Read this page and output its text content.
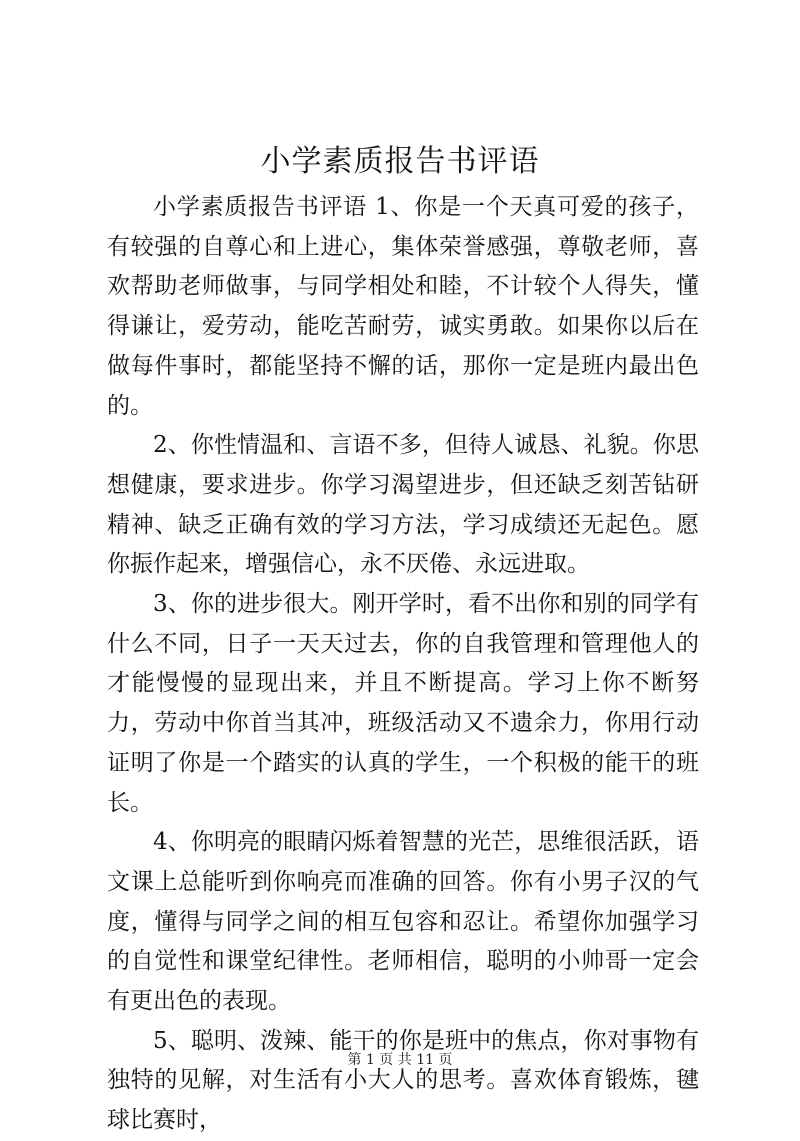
小学素质报告书评语

小学素质报告书评语 1、你是一个天真可爱的孩子，有较强的自尊心和上进心，集体荣誉感强，尊敬老师，喜欢帮助老师做事，与同学相处和睦，不计较个人得失，懂得谦让，爱劳动，能吃苦耐劳，诚实勇敢。如果你以后在做每件事时，都能坚持不懈的话，那你一定是班内最出色的。

2、你性情温和、言语不多，但待人诚恳、礼貌。你思想健康，要求进步。你学习渴望进步，但还缺乏刻苦钻研精神、缺乏正确有效的学习方法，学习成绩还无起色。愿你振作起来，增强信心，永不厌倦、永远进取。

3、你的进步很大。刚开学时，看不出你和别的同学有什么不同，日子一天天过去，你的自我管理和管理他人的才能慢慢的显现出来，并且不断提高。学习上你不断努力，劳动中你首当其冲，班级活动又不遗余力，你用行动证明了你是一个踏实的认真的学生，一个积极的能干的班长。

4、你明亮的眼睛闪烁着智慧的光芒，思维很活跃，语文课上总能听到你响亮而准确的回答。你有小男子汉的气度，懂得与同学之间的相互包容和忍让。希望你加强学习的自觉性和课堂纪律性。老师相信，聪明的小帅哥一定会有更出色的表现。

5、聪明、泼辣、能干的你是班中的焦点，你对事物有独特的见解，对生活有小大人的思考。喜欢体育锻炼，毽球比赛时，

第 1 页 共 11 页
